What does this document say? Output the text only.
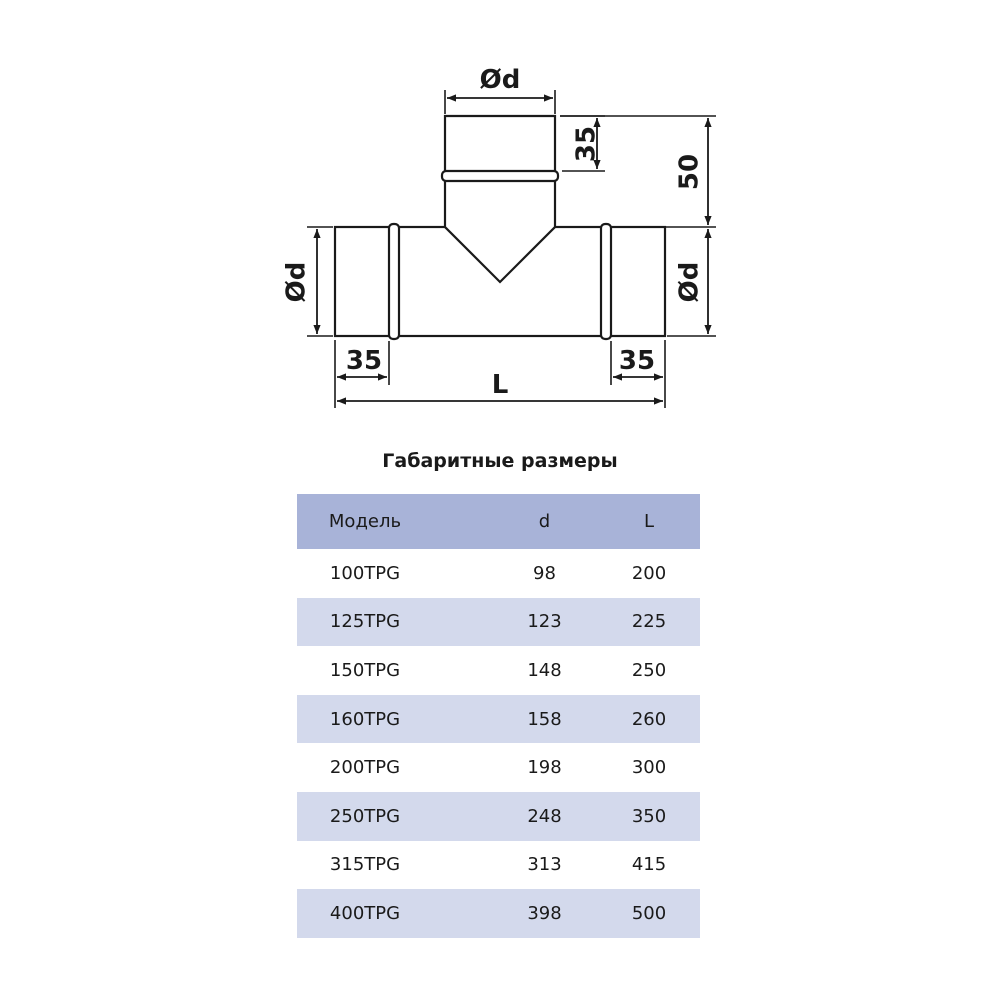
Ød
35
50
Ød	Ød
35	35
L
Габаритные размеры
Модель	d	L
100TPG	98	200
125TPG	123	225
150TPG	148	250
160TPG	158	260
200TPG	198	300
250TPG	248	350
315TPG	313	415
400TPG	398	500
